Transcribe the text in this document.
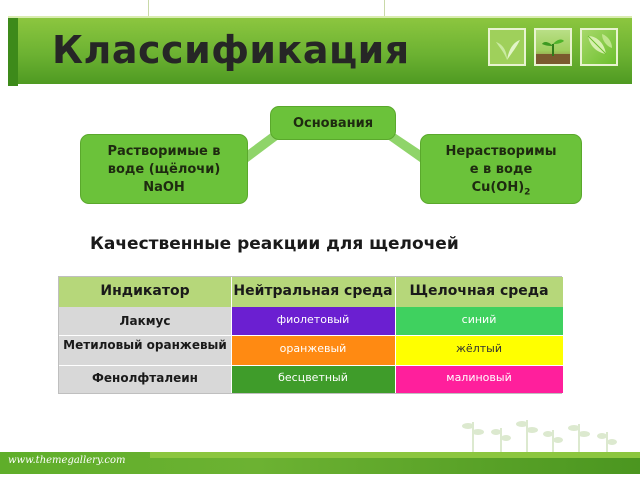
Классификация
Основания
Растворимые в
воде (щёлочи)
NaOH
Нерастворимы
е в воде
$Cu(OH)_2$
Качественные реакции для щелочей
Индикатор	Нейтральная среда	Щелочная среда
Лакмус	фиолетовый	синий
Метиловый оранжевый	оранжевый	жёлтый
Фенолфталеин	бесцветный	малиновый
www.themegallery.com
